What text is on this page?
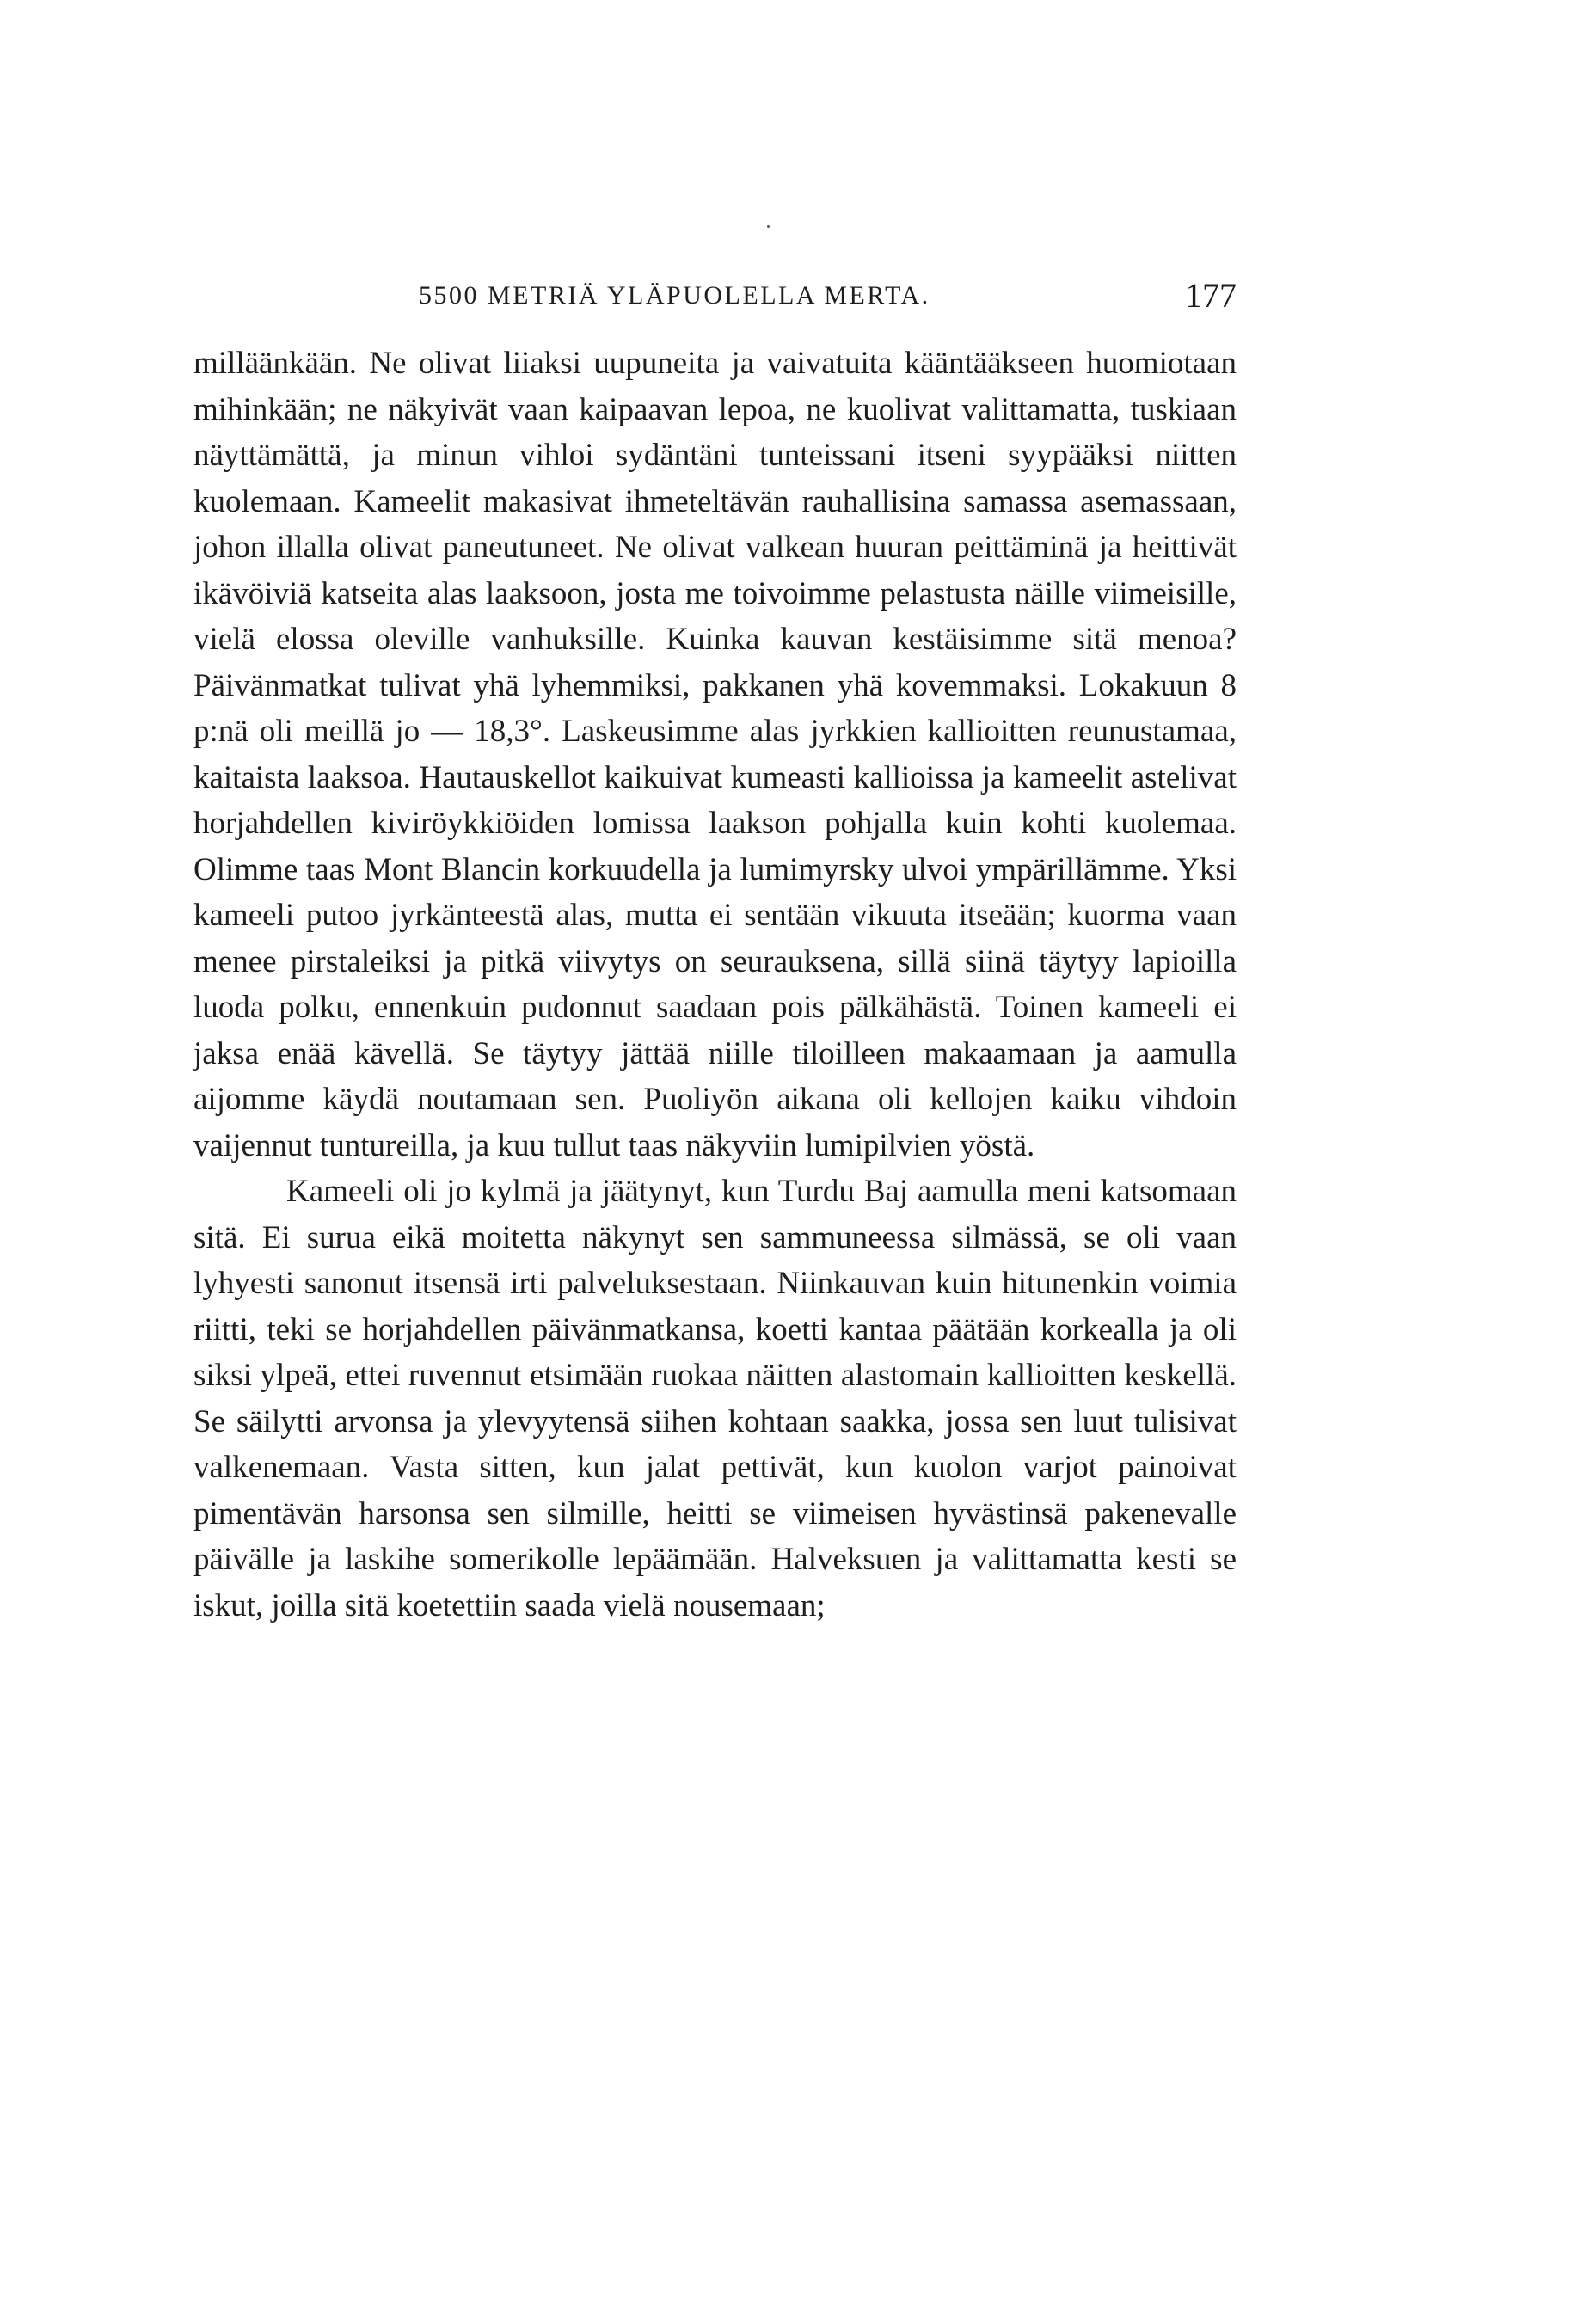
5500 METRIÄ YLÄPUOLELLA MERTA.	177

milläänkään. Ne olivat liiaksi uupuneita ja vaivatuita kääntääkseen huomiotaan mihinkään; ne näkyivät vaan kaipaavan lepoa, ne kuolivat valittamatta, tuskiaan näyttämättä, ja minun vihloi sydäntäni tunteissani itseni syypääksi niitten kuolemaan. Kameelit makasivat ihmeteltävän rauhallisina samassa asemassaan, johon illalla olivat paneutuneet. Ne olivat valkean huuran peittäminä ja heittivät ikävöiviä katseita alas laaksoon, josta me toivoimme pelastusta näille viimeisille, vielä elossa oleville vanhuksille. Kuinka kauvan kestäisimme sitä menoa? Päivänmatkat tulivat yhä lyhemmiksi, pakkanen yhä kovemmaksi. Lokakuun 8 p:nä oli meillä jo — 18,3°. Laskeusimme alas jyrkkien kallioitten reunustamaa, kaitaista laaksoa. Hautauskellot kaikuivat kumeasti kallioissa ja kameelit astelivat horjahdellen kiviröykkiöiden lomissa laakson pohjalla kuin kohti kuolemaa. Olimme taas Mont Blancin korkuudella ja lumimyrsky ulvoi ympärillämme. Yksi kameeli putoo jyrkänteestä alas, mutta ei sentään vikuuta itseään; kuorma vaan menee pirstaleiksi ja pitkä viivytys on seurauksena, sillä siinä täytyy lapioilla luoda polku, ennenkuin pudonnut saadaan pois pälkähästä. Toinen kameeli ei jaksa enää kävellä. Se täytyy jättää niille tiloilleen makaamaan ja aamulla aijomme käydä noutamaan sen. Puoliyön aikana oli kellojen kaiku vihdoin vaijennut tuntureilla, ja kuu tullut taas näkyviin lumipilvien yöstä.

Kameeli oli jo kylmä ja jäätynyt, kun Turdu Baj aamulla meni katsomaan sitä. Ei surua eikä moitetta näkynyt sen sammuneessa silmässä, se oli vaan lyhyesti sanonut itsensä irti palveluksestaan. Niinkauvan kuin hitunenkin voimia riitti, teki se horjahdellen päivänmatkansa, koetti kantaa päätään korkealla ja oli siksi ylpeä, ettei ruvennut etsimään ruokaa näitten alastomain kallioitten keskellä. Se säilytti arvonsa ja ylevyytensä siihen kohtaan saakka, jossa sen luut tulisivat valkenemaan. Vasta sitten, kun jalat pettivät, kun kuolon varjot painoivat pimentävän harsonsa sen silmille, heitti se viimeisen hyvästinsä pakenevalle päivälle ja laskihe somerikolle lepäämään. Halveksuen ja valittamatta kesti se iskut, joilla sitä koetettiin saada vielä nousemaan;
